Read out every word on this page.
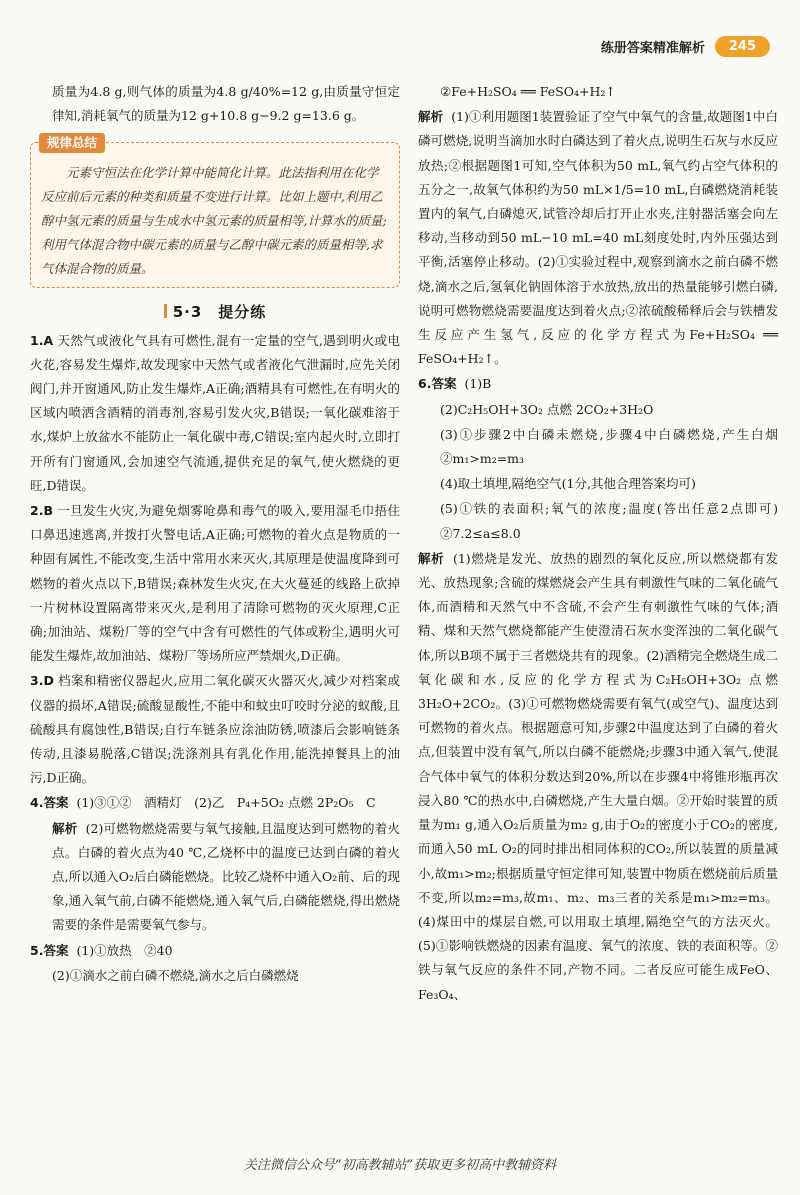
练册答案精准解析	245
质量为4.8 g,则气体的质量为4.8 g/40%=12 g,由质量守恒定律知,消耗氧气的质量为12 g+10.8 g−9.2 g=13.6 g。
规律总结
元素守恒法在化学计算中能简化计算。此法指利用在化学反应前后元素的种类和质量不变进行计算。比如上题中,利用乙醇中氢元素的质量与生成水中氢元素的质量相等,计算水的质量;利用气体混合物中碳元素的质量与乙醇中碳元素的质量相等,求气体混合物的质量。
5·3　提分练
1.A 天然气或液化气具有可燃性,混有一定量的空气,遇到明火或电火花,容易发生爆炸,故发现家中天然气或者液化气泄漏时,应先关闭阀门,并开窗通风,防止发生爆炸,A正确;酒精具有可燃性,在有明火的区域内喷洒含酒精的消毒剂,容易引发火灾,B错误;一氧化碳难溶于水,煤炉上放盆水不能防止一氧化碳中毒,C错误;室内起火时,立即打开所有门窗通风,会加速空气流通,提供充足的氧气,使火燃烧的更旺,D错误。
2.B 一旦发生火灾,为避免烟雾呛鼻和毒气的吸入,要用湿毛巾捂住口鼻迅速逃离,并拨打火警电话,A正确;可燃物的着火点是物质的一种固有属性,不能改变,生活中常用水来灭火,其原理是使温度降到可燃物的着火点以下,B错误;森林发生火灾,在大火蔓延的线路上砍掉一片树林设置隔离带来灭火,是利用了清除可燃物的灭火原理,C正确;加油站、煤粉厂等的空气中含有可燃性的气体或粉尘,遇明火可能发生爆炸,故加油站、煤粉厂等场所应严禁烟火,D正确。
3.D 档案和精密仪器起火,应用二氧化碳灭火器灭火,减少对档案或仪器的损坏,A错误;硫酸显酸性,不能中和蚊虫叮咬时分泌的蚁酸,且硫酸具有腐蚀性,B错误;自行车链条应涂油防锈,喷漆后会影响链条传动,且漆易脱落,C错误;洗涤剂具有乳化作用,能洗掉餐具上的油污,D正确。
4.答案 (1)③①②　酒精灯　(2)乙　P₄+5O₂ 点燃 2P₂O₅　C
解析 (2)可燃物燃烧需要与氧气接触,且温度达到可燃物的着火点。白磷的着火点为40 ℃,乙烧杯中的温度已达到白磷的着火点,所以通入O₂后白磷能燃烧。比较乙烧杯中通入O₂前、后的现象,通入氧气前,白磷不能燃烧,通入氧气后,白磷能燃烧,得出燃烧需要的条件是需要氧气参与。
5.答案 (1)①放热　②40
(2)①滴水之前白磷不燃烧,滴水之后白磷燃烧
②Fe+H₂SO₄ ══ FeSO₄+H₂↑
解析 (1)①利用题图1装置验证了空气中氧气的含量,故题图1中白磷可燃烧,说明当滴加水时白磷达到了着火点,说明生石灰与水反应放热;②根据题图1可知,空气体积为50 mL,氧气约占空气体积的五分之一,故氧气体积约为50 mL×1/5=10 mL,白磷燃烧消耗装置内的氧气,白磷熄灭,试管冷却后打开止水夹,注射器活塞会向左移动,当移动到50 mL−10 mL=40 mL刻度处时,内外压强达到平衡,活塞停止移动。(2)①实验过程中,观察到滴水之前白磷不燃烧,滴水之后,氢氧化钠固体溶于水放热,放出的热量能够引燃白磷,说明可燃物燃烧需要温度达到着火点;②浓硫酸稀释后会与铁槽发生反应产生氢气,反应的化学方程式为Fe+H₂SO₄ ══ FeSO₄+H₂↑。
6.答案 (1)B
(2)C₂H₅OH+3O₂ 点燃 2CO₂+3H₂O
(3)①步骤2中白磷未燃烧,步骤4中白磷燃烧,产生白烟　②m₁>m₂=m₃
(4)取土填埋,隔绝空气(1分,其他合理答案均可)
(5)①铁的表面积;氧气的浓度;温度(答出任意2点即可)　②7.2≤a≤8.0
解析 (1)燃烧是发光、放热的剧烈的氧化反应,所以燃烧都有发光、放热现象;含硫的煤燃烧会产生具有刺激性气味的二氧化硫气体,而酒精和天然气中不含硫,不会产生有刺激性气味的气体;酒精、煤和天然气燃烧都能产生使澄清石灰水变浑浊的二氧化碳气体,所以B项不属于三者燃烧共有的现象。(2)酒精完全燃烧生成二氧化碳和水,反应的化学方程式为C₂H₅OH+3O₂ 点燃 3H₂O+2CO₂。(3)①可燃物燃烧需要有氧气(或空气)、温度达到可燃物的着火点。根据题意可知,步骤2中温度达到了白磷的着火点,但装置中没有氧气,所以白磷不能燃烧;步骤3中通入氧气,使混合气体中氧气的体积分数达到20%,所以在步骤4中将锥形瓶再次浸入80 ℃的热水中,白磷燃烧,产生大量白烟。②开始时装置的质量为m₁ g,通入O₂后质量为m₂ g,由于O₂的密度小于CO₂的密度,而通入50 mL O₂的同时排出相同体积的CO₂,所以装置的质量减小,故m₁>m₂;根据质量守恒定律可知,装置中物质在燃烧前后质量不变,所以m₂=m₃,故m₁、m₂、m₃三者的关系是m₁>m₂=m₃。(4)煤田中的煤层自燃,可以用取土填埋,隔绝空气的方法灭火。(5)①影响铁燃烧的因素有温度、氧气的浓度、铁的表面积等。②铁与氧气反应的条件不同,产物不同。二者反应可能生成FeO、Fe₃O₄、
关注微信公众号“初高教辅站”获取更多初高中教辅资料
